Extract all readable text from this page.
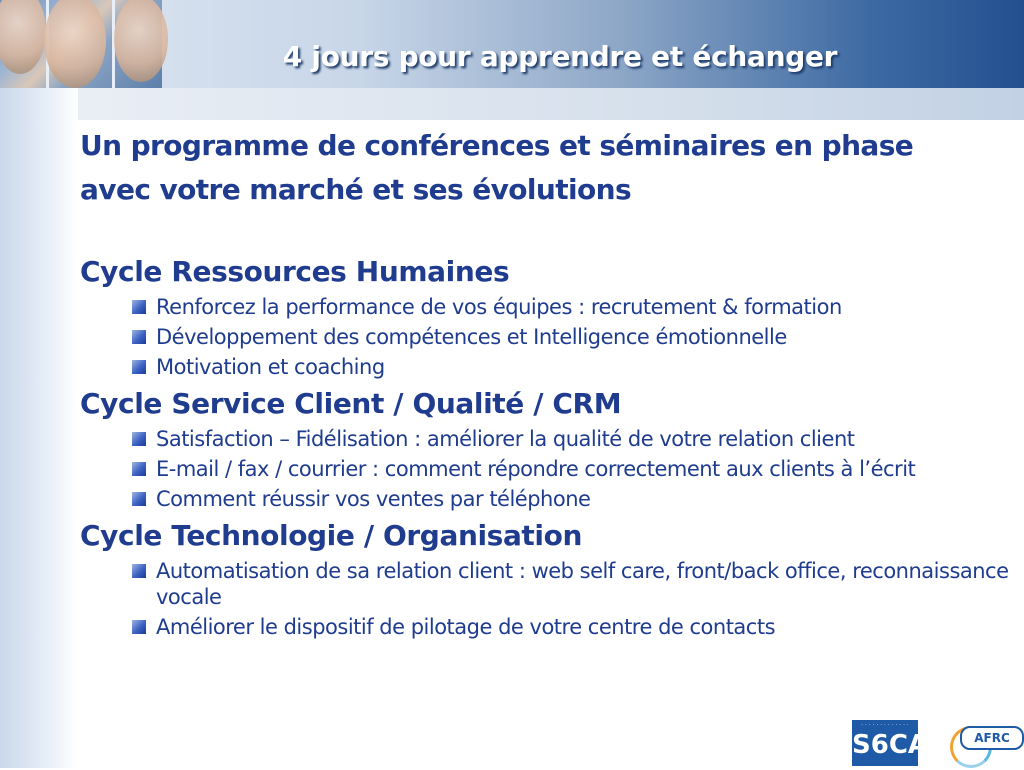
4 jours pour apprendre et échanger

Un programme de conférences et séminaires en phase

avec votre marché et ses évolutions

Cycle Ressources Humaines

Renforcez la performance de vos équipes : recrutement & formation
Développement des compétences et Intelligence émotionnelle
Motivation et coaching

Cycle Service Client / Qualité / CRM

Satisfaction – Fidélisation : améliorer la qualité de votre relation client
E-mail / fax / courrier : comment répondre correctement aux clients à l’écrit
Comment réussir vos ventes par téléphone

Cycle Technologie / Organisation

Automatisation de sa relation client : web self care, front/back office, reconnaissance vocale
Améliorer le dispositif de pilotage de votre centre de contacts
· · · · · · · · · · · · ·
S6CA	AFRC
